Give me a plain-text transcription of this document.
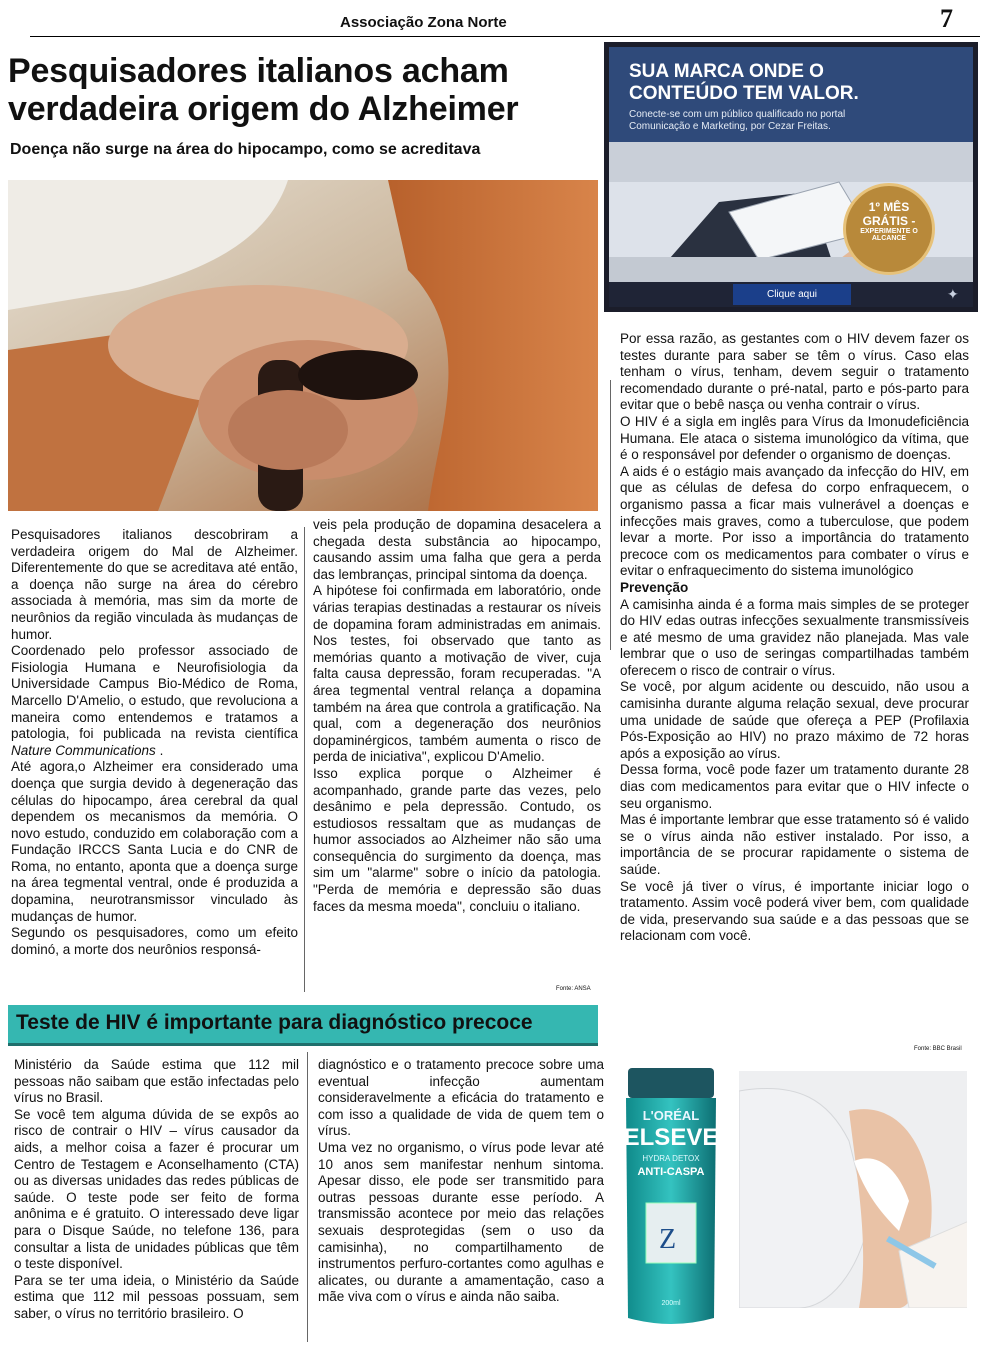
Associação Zona Norte	7
Pesquisadores italianos acham verdadeira origem do Alzheimer
Doença não surge na área do hipocampo, como se acreditava

Pesquisadores italianos descobriram a verdadeira origem do Mal de Alzheimer. Diferentemente do que se acreditava até então, a doença não surge na área do cérebro associada à memória, mas sim da morte de neurônios da região vinculada às mudanças de humor.

Coordenado pelo professor associado de Fisiologia Humana e Neurofisiologia da Universidade Campus Bio-Médico de Roma, Marcello D'Amelio, o estudo, que revoluciona a maneira como entendemos e tratamos a patologia, foi publicada na revista científica Nature Communications .

Até agora,o Alzheimer era considerado uma doença que surgia devido à degeneração das células do hipocampo, área cerebral da qual dependem os mecanismos da memória. O novo estudo, conduzido em colaboração com a Fundação IRCCS Santa Lucia e do CNR de Roma, no entanto, aponta que a doença surge na área tegmental ventral, onde é produzida a dopamina, neurotransmissor vinculado às mudanças de humor.

Segundo os pesquisadores, como um efeito dominó, a morte dos neurônios responsá-

veis pela produção de dopamina desacelera a chegada desta substância ao hipocampo, causando assim uma falha que gera a perda das lembranças, principal sintoma da doença.

A hipótese foi confirmada em laboratório, onde várias terapias destinadas a restaurar os níveis de dopamina foram administradas em animais. Nos testes, foi observado que tanto as memórias quanto a motivação de viver, cuja falta causa depressão, foram recuperadas. "A área tegmental ventral relança a dopamina também na área que controla a gratificação. Na qual, com a degeneração dos neurônios dopaminérgicos, também aumenta o risco de perda de iniciativa", explicou D'Amelio.

Isso explica porque o Alzheimer é acompanhado, grande parte das vezes, pelo desânimo e pela depressão. Contudo, os estudiosos ressaltam que as mudanças de humor associados ao Alzheimer não são uma consequência do surgimento da doença, mas sim um "alarme" sobre o início da patologia. "Perda de memória e depressão são duas faces da mesma moeda", concluiu o italiano.

Fonte: ANSA
SUA MARCA ONDE O
CONTEÚDO TEM VALOR.
Conecte-se com um público qualificado no portal
Comunicação e Marketing, por Cezar Freitas.
1º MÊS
GRÁTIS -
EXPERIMENTE O
ALCANCE
Clique aqui	✦

Por essa razão, as gestantes com o HIV devem fazer os testes durante para saber se têm o vírus. Caso elas tenham o vírus, tenham, devem seguir o tratamento recomendado durante o pré-natal, parto e pós-parto para evitar que o bebê nasça ou venha contrair o vírus.

O HIV é a sigla em inglês para Vírus da Imonudeficiência Humana. Ele ataca o sistema imunológico da vítima, que é o responsável por defender o organismo de doenças.

A aids é o estágio mais avançado da infecção do HIV, em que as células de defesa do corpo enfraquecem, o organismo passa a ficar mais vulnerável a doenças e infecções mais graves, como a tuberculose, que podem levar a morte. Por isso a importância do tratamento precoce com os medicamentos para combater o vírus e evitar o enfraquecimento do sistema imunológico

Prevenção

A camisinha ainda é a forma mais simples de se proteger do HIV edas outras infecções sexualmente transmissíveis e até mesmo de uma gravidez não planejada. Mas vale lembrar que o uso de seringas compartilhadas também oferecem o risco de contrair o vírus.

Se você, por algum acidente ou descuido, não usou a camisinha durante alguma relação sexual, deve procurar uma unidade de saúde que ofereça a PEP (Profilaxia Pós-Exposição ao HIV) no prazo máximo de 72 horas após a exposição ao vírus.

Dessa forma, você pode fazer um tratamento durante 28 dias com medicamentos para evitar que o HIV infecte o seu organismo.

Mas é importante lembrar que esse tratamento só é valido se o vírus ainda não estiver instalado. Por isso, a importância de se procurar rapidamente o sistema de saúde.

Se você já tiver o vírus, é importante iniciar logo o tratamento. Assim você poderá viver bem, com qualidade de vida, preservando sua saúde e a das pessoas que se relacionam com você.

Fonte: BBC Brasil
Teste de HIV é importante para diagnóstico precoce

Ministério da Saúde estima que 112 mil pessoas não saibam que estão infectadas pelo vírus no Brasil.

Se você tem alguma dúvida de se expôs ao risco de contrair o HIV – vírus causador da aids, a melhor coisa a fazer é procurar um Centro de Testagem e Aconselhamento (CTA) ou as diversas unidades das redes públicas de saúde. O teste pode ser feito de forma anônima e é gratuito. O interessado deve ligar para o Disque Saúde, no telefone 136, para consultar a lista de unidades públicas que têm o teste disponível.

Para se ter uma ideia, o Ministério da Saúde estima que 112 mil pessoas possuam, sem saber, o vírus no território brasileiro. O

diagnóstico e o tratamento precoce sobre uma eventual infecção aumentam consideravelmente a eficácia do tratamento e com isso a qualidade de vida de quem tem o vírus.

Uma vez no organismo, o vírus pode levar até 10 anos sem manifestar nenhum sintoma. Apesar disso, ele pode ser transmitido para outras pessoas durante esse período. A transmissão acontece por meio das relações sexuais desprotegidas (sem o uso da camisinha), no compartilhamento de instrumentos perfuro-cortantes como agulhas e alicates, ou durante a amamentação, caso a mãe viva com o vírus e ainda não saiba.

Z
L'ORÉAL
ELSEVE
HYDRA DETOX
ANTI-CASPA
200ml
